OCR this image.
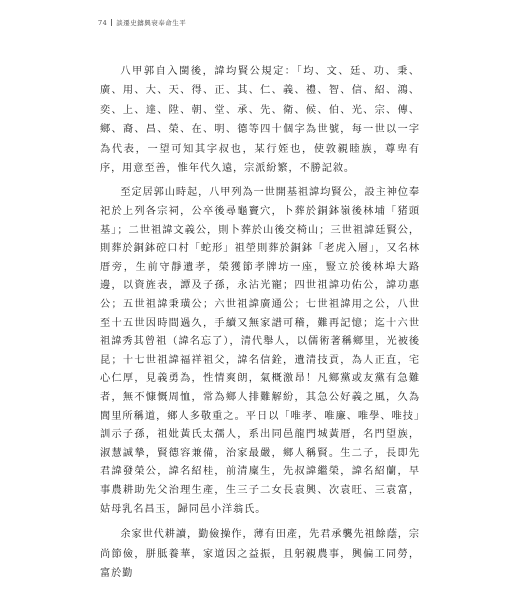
74 談遷史鑄興衰奉命生平

八甲郭自入閩後，諱均賢公規定：「均、文、廷、功、秉、廣、用、大、天、得、正、其、仁、義、禮、智、信、紹、鴻、奕、上、達、陞、朝、堂、承、先、衛、候、伯、光、宗、傳、鄉、裔、昌、榮、在、明、德等四十個字為世號，每一世以一字為代表，一望可知其字叔也，某行姪也，使敦親睦族，尊卑有序，用意至善，惟年代久遠，宗派紛繁，不勝記敘。

至定居郭山時起，八甲列為一世開基祖諱均賢公，設主神位奉祀於上列各宗祠，公卒後尋龜竇穴，卜葬於銅鉢嶺後林埔「猪頭基」；二世祖諱文義公，則卜葬於山後交椅山；三世祖諱廷賢公，則葬於銅鉢硿口村「蛇形」祖塋則葬於銅鉢「老虎入層」，又名林厝旁，生前守靜遺孝，榮獲節孝牌坊一座，豎立於後林埠大路邊，以資旌表，譚及子孫，永沾光寵；四世祖諱功佑公，諱功惠公；五世祖諱秉璜公；六世祖諱廣通公；七世祖諱用之公，八世至十五世因時間過久，手續又無家譜可稽，難再記憶；迄十六世祖諱秀其曾祖（諱名忘了），清代舉人，以儒術著稱鄉里，光被後昆；十七世祖諱福祥祖父，諱名信銓，遺清技貢，為人正直，宅心仁厚，見義勇為，性情爽朗，氣概激昂！凡鄉黨或友黨有急難者，無不慷慨周恤，常為鄉人排難解紛，其急公好義之風，久為閭里所稱道，鄉人多敬重之。平日以「唯孝、唯廉、唯學、唯技」訓示子孫，祖妣黃氏太孺人，系出同邑龍門城黃厝，名門望族，淑慧誠摯，賢德容兼備，治家最嚴，鄉人稱賢。生二子，長即先君諱發榮公，諱名紹桂，前清廩生，先叔諱繼榮，諱名紹蘭，早事農耕助先父治理生產，生三子二女長袁興、次袁旺、三袁富，姑母乳名昌玉，歸同邑小洋翁氏。

余家世代耕讀，勤儉操作，薄有田產，先君承襲先祖餘蔭，宗尚節儉，胼胝養華，家道因之益振，且躬親農事，興偏工同勞，富於勤
